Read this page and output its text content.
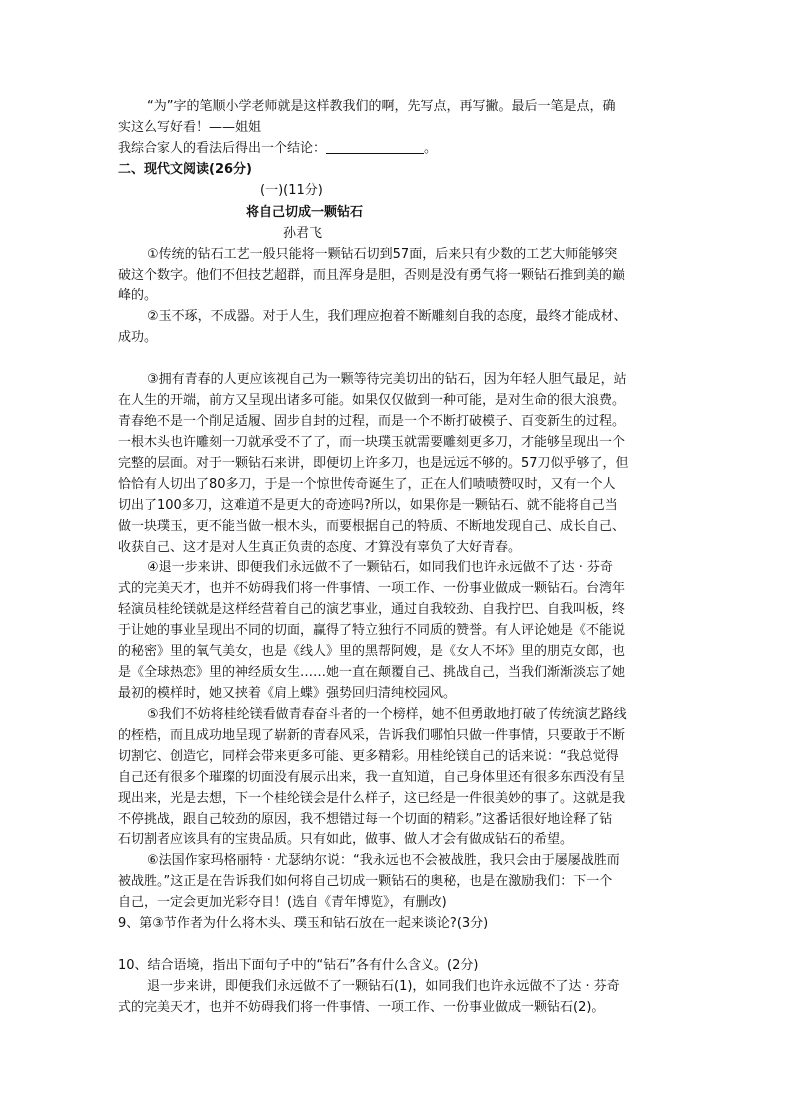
“为”字的笔顺小学老师就是这样教我们的啊，先写点，再写撇。最后一笔是点，确
实这么写好看！——姐姐
我综合家人的看法后得出一个结论：	。
二、现代文阅读(26分)
(一)(11分)
将自己切成一颗钻石
孙君飞
①传统的钻石工艺一般只能将一颗钻石切到57面，后来只有少数的工艺大师能够突
破这个数字。他们不但技艺超群，而且浑身是胆，否则是没有勇气将一颗钻石推到美的巅
峰的。
②玉不琢，不成器。对于人生，我们理应抱着不断雕刻自我的态度，最终才能成材、
成功。
③拥有青春的人更应该视自己为一颗等待完美切出的钻石，因为年轻人胆气最足，站
在人生的开端，前方又呈现出诸多可能。如果仅仅做到一种可能，是对生命的很大浪费。
青春绝不是一个削足适履、固步自封的过程，而是一个不断打破模子、百变新生的过程。
一根木头也许雕刻一刀就承受不了了，而一块璞玉就需要雕刻更多刀，才能够呈现出一个
完整的层面。对于一颗钻石来讲，即便切上许多刀，也是远远不够的。57刀似乎够了，但
恰恰有人切出了80多刀，于是一个惊世传奇诞生了，正在人们啧啧赞叹时，又有一个人
切出了100多刀，这难道不是更大的奇迹吗?所以，如果你是一颗钻石、就不能将自己当
做一块璞玉，更不能当做一根木头，而要根据自己的特质、不断地发现自己、成长自己、
收获自己、这才是对人生真正负责的态度、才算没有辜负了大好青春。
④退一步来讲、即便我们永远做不了一颗钻石，如同我们也许永远做不了达 · 芬奇
式的完美天才，也并不妨碍我们将一件事情、一项工作、一份事业做成一颗钻石。台湾年
轻演员桂纶镁就是这样经营着自己的演艺事业，通过自我较劲、自我拧巴、自我叫板，终
于让她的事业呈现出不同的切面，赢得了特立独行不同质的赞誉。有人评论她是《不能说
的秘密》里的氧气美女，也是《线人》里的黑帮阿嫂，是《女人不坏》里的朋克女郎，也
是《全球热恋》里的神经质女生……她一直在颠覆自己、挑战自己，当我们渐渐淡忘了她
最初的模样时，她又挟着《肩上蝶》强势回归清纯校园风。
⑤我们不妨将桂纶镁看做青春奋斗者的一个榜样，她不但勇敢地打破了传统演艺路线
的桎梏，而且成功地呈现了崭新的青春风采，告诉我们哪怕只做一件事情，只要敢于不断
切割它、创造它，同样会带来更多可能、更多精彩。用桂纶镁自己的话来说：“我总觉得
自己还有很多个璀璨的切面没有展示出来，我一直知道，自己身体里还有很多东西没有呈
现出来，光是去想，下一个桂纶镁会是什么样子，这已经是一件很美妙的事了。这就是我
不停挑战，跟自己较劲的原因，我不想错过每一个切面的精彩。”这番话很好地诠释了钻
石切割者应该具有的宝贵品质。只有如此，做事、做人才会有做成钻石的希望。
⑥法国作家玛格丽特 · 尤瑟纳尔说：“我永远也不会被战胜，我只会由于屡屡战胜而
被战胜。”这正是在告诉我们如何将自己切成一颗钻石的奥秘，也是在激励我们：下一个
自己，一定会更加光彩夺目！(选自《青年博览》，有删改)
9、第③节作者为什么将木头、璞玉和钻石放在一起来谈论?(3分)
10、结合语境，指出下面句子中的“钻石”各有什么含义。(2分)
退一步来讲，即便我们永远做不了一颗钻石(1)，如同我们也许永远做不了达 · 芬奇
式的完美天才，也并不妨碍我们将一件事情、一项工作、一份事业做成一颗钻石(2)。
